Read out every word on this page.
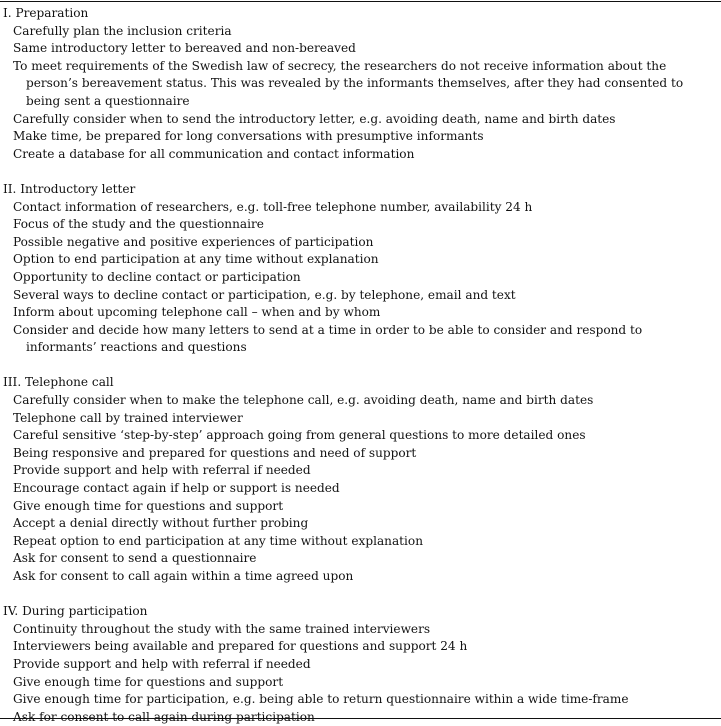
I. Preparation

Carefully plan the inclusion criteria

Same introductory letter to bereaved and non-bereaved

To meet requirements of the Swedish law of secrecy, the researchers do not receive information about the person’s bereavement status. This was revealed by the informants themselves, after they had consented to being sent a questionnaire

Carefully consider when to send the introductory letter, e.g. avoiding death, name and birth dates

Make time, be prepared for long conversations with presumptive informants

Create a database for all communication and contact information

II. Introductory letter

Contact information of researchers, e.g. toll-free telephone number, availability 24 h

Focus of the study and the questionnaire

Possible negative and positive experiences of participation

Option to end participation at any time without explanation

Opportunity to decline contact or participation

Several ways to decline contact or participation, e.g. by telephone, email and text

Inform about upcoming telephone call – when and by whom

Consider and decide how many letters to send at a time in order to be able to consider and respond to informants’ reactions and questions

III. Telephone call

Carefully consider when to make the telephone call, e.g. avoiding death, name and birth dates

Telephone call by trained interviewer

Careful sensitive ‘step-by-step’ approach going from general questions to more detailed ones

Being responsive and prepared for questions and need of support

Provide support and help with referral if needed

Encourage contact again if help or support is needed

Give enough time for questions and support

Accept a denial directly without further probing

Repeat option to end participation at any time without explanation

Ask for consent to send a questionnaire

Ask for consent to call again within a time agreed upon

IV. During participation

Continuity throughout the study with the same trained interviewers

Interviewers being available and prepared for questions and support 24 h

Provide support and help with referral if needed

Give enough time for questions and support

Give enough time for participation, e.g. being able to return questionnaire within a wide time-frame

Ask for consent to call again during participation
